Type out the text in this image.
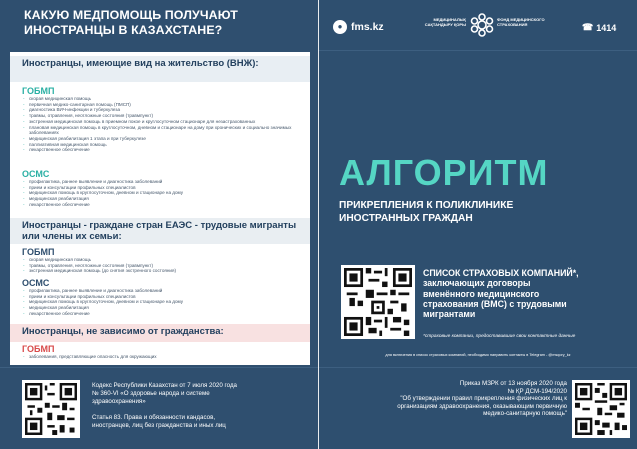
КАКУЮ МЕДПОМОЩЬ ПОЛУЧАЮТ
ИНОСТРАНЦЫ В КАЗАХСТАНЕ?
Иностранцы, имеющие вид на жительство (ВНЖ):
ГОБМП
- скорая медицинская помощь
- первичная медико-санитарная помощь (ПМСП)
- диагностика ВИЧ-инфекции и туберкулеза
- травмы, отравления, неотложные состояния (травмпункт)
- экстренная медицинская помощь в приемном покое и круглосуточном стационаре для незастрахованных
- плановая медицинская помощь в круглосуточном, дневном и стационаре на дому при хронических и социально значимых заболеваниях
- медицинская реабилитация 1 этапа и при туберкулезе
- паллиативная медицинская помощь
- лекарственное обеспечение
ОСМС
- профилактика, раннее выявление и диагностика заболеваний
- прием и консультации профильных специалистов
- медицинская помощь в круглосуточном, дневном и стационаре на дому
- медицинская реабилитация
- лекарственное обеспечение
Иностранцы - граждане стран ЕАЭС - трудовые мигранты или члены их семьи:
ГОБМП
- скорая медицинская помощь
- травмы, отравления, неотложные состояния (травмпункт)
- экстренная медицинская помощь (до снятия экстренного состояния)
ОСМС
- профилактика, раннее выявление и диагностика заболеваний
- прием и консультации профильных специалистов
- медицинская помощь в круглосуточном, дневном и стационаре на дому
- медицинская реабилитация
- лекарственное обеспечение
Иностранцы, не зависимо от гражданства:
ГОБМП
- заболевания, представляющие опасность для окружающих
Кодекс Республики Казахстан от 7 июля 2020 года
№ 360-VI «О здоровье народа и системе
здравоохранения»
Статья 83. Права и обязанности кандасов,
иностранцев, лиц без гражданства и иных лиц
● fms.kz
МЕДИЦИНАЛЫҚ САҚТАНДЫРУ ҚОРЫ
ФОНД МЕДИЦИНСКОГО СТРАХОВАНИЯ	☎ 1414
АЛГОРИТМ
ПРИКРЕПЛЕНИЯ К ПОЛИКЛИНИКЕ
ИНОСТРАННЫХ ГРАЖДАН
СПИСОК СТРАХОВЫХ КОМПАНИЙ*,
заключающих договоры
вменённого медицинского
страхования (ВМС) с трудовыми
мигрантами
*страховые компании, предоставившие свои контактные данные
для включения в список страховых компаний, необходимо направить контакты в Telegram - @msqory_kz
Приказ МЗРК от 13 ноября 2020 года
№ ҚР ДСМ-194/2020
"Об утверждении правил прикрепления физических лиц к
организациям здравоохранения, оказывающим первичную
медико-санитарную помощь"
